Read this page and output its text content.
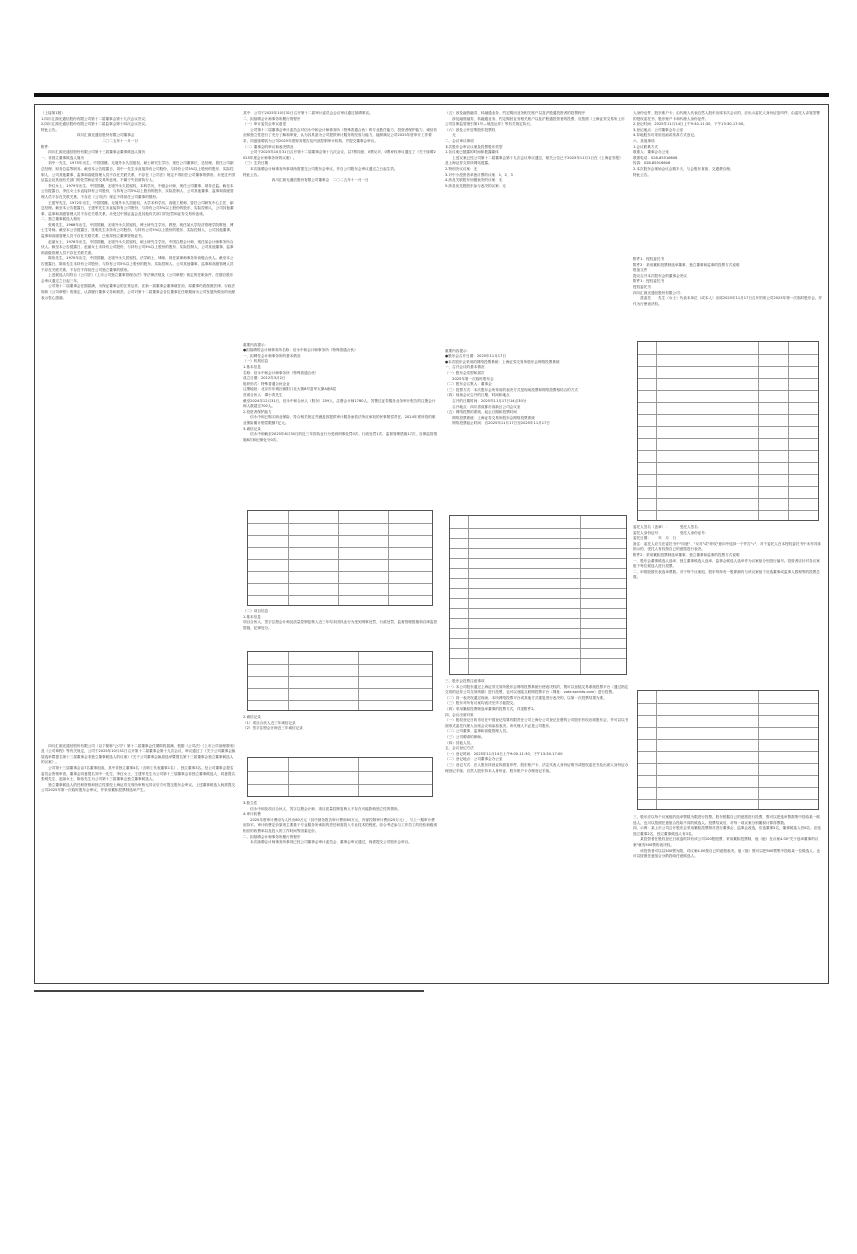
（上接第1版）
1.四川汇源光通信股份有限公司第十二届董事会第十九次会议决议；
2.四川汇源光通信股份有限公司第十二届监事会第十四次会议决议。
特此公告。
　　　　　　　　　　四川汇源光通信股份有限公司董事会
　　　　　　　　　　　　　　　　　二〇二五年十一月一日
附件：
　　四川汇源光通信股份有限公司第十三届董事会董事候选人简历
一、非独立董事候选人简历
　　刘中一先生，1975年出生，中国国籍，无境外永久居留权，硕士研究生学历，现任公司董事长、总经理，曾任公司副总经理、财务总监等职务。截至本公告披露日，刘中一先生未直接持有公司股份，与持有公司5%以上股份的股东、实际控制人、公司其他董事、监事和高级管理人员不存在关联关系，不存在《公司法》规定不得担任公司董事的情形，未受过中国证监会及其他有关部门的处罚和证券交易所惩戒，不属于失信被执行人。
　　李红女士，1979年出生，中国国籍，无境外永久居留权，本科学历，中级会计师，现任公司董事、财务总监。截至本公告披露日，李红女士未直接持有公司股份，与持有公司5%以上股份的股东、实际控制人、公司其他董事、监事和高级管理人员不存在关联关系，不存在《公司法》规定不得担任公司董事的情形。
　　王建军先生，1972年出生，中国国籍，无境外永久居留权，大学本科学历，高级工程师，曾任公司研发中心主任、副总经理。截至本公告披露日，王建军先生未直接持有公司股份，与持有公司5%以上股份的股东、实际控制人、公司其他董事、监事和高级管理人员不存在关联关系，未受过中国证监会及其他有关部门的处罚和证券交易所惩戒。
二、独立董事候选人简历
　　张明先生，1968年出生，中国国籍，无境外永久居留权，博士研究生学历，教授，现任某大学经济管理学院教授、博士生导师。截至本公告披露日，张明先生未持有公司股份，与持有公司5%以上股份的股东、实际控制人、公司其他董事、监事和高级管理人员不存在关联关系，已取得独立董事资格证书。
　　赵丽女士，1976年出生，中国国籍，无境外永久居留权，硕士研究生学历，中国注册会计师，现任某会计师事务所合伙人。截至本公告披露日，赵丽女士未持有公司股份，与持有公司5%以上股份的股东、实际控制人、公司其他董事、监事和高级管理人员不存在关联关系。
　　陈伟先生，1970年出生，中国国籍，无境外永久居留权，法学硕士，律师，现任某律师事务所高级合伙人。截至本公告披露日，陈伟先生未持有公司股份，与持有公司5%以上股份的股东、实际控制人、公司其他董事、监事和高级管理人员不存在关联关系，不存在不得担任公司独立董事的情形。
　　上述候选人均符合《公司法》《上市公司独立董事管理办法》等法律法规及《公司章程》规定的任职条件，任期自股东会审议通过之日起三年。
　　公司第十二届董事会任期届满，为保证董事会的正常运作，在新一届董事会董事就任前，原董事仍将按照法律、行政法规和《公司章程》的规定，认真履行董事义务和职责。公司对第十二届董事会各位董事在任职期间为公司发展所做出的贡献表示衷心感谢。

　　四川汇源光通信股份有限公司（以下简称"公司"）第十二届董事会任期即将届满，根据《公司法》《上市公司治理准则》及《公司章程》等有关规定，公司于2025年10月31日召开第十二届董事会第十九次会议，审议通过了《关于公司董事会换届选举暨提名第十三届董事会非独立董事候选人的议案》《关于公司董事会换届选举暨提名第十三届董事会独立董事候选人的议案》。
　　公司第十三届董事会由7名董事组成，其中非独立董事4名（含职工代表董事1名），独立董事3名。经公司董事会提名委员会资格审查，董事会同意提名刘中一先生、李红女士、王建军先生为公司第十三届董事会非独立董事候选人；同意提名张明先生、赵丽女士、陈伟先生为公司第十三届董事会独立董事候选人。
　　独立董事候选人的任职资格和独立性需经上海证券交易所审核无异议后方可提交股东会审议。上述董事候选人尚需提交公司2025年第一次临时股东会审议，并采用累积投票制选举产生。
其中：公司于2025年10月31日召开第十二届审计委员会会议审议通过续聘事宜。
二、拟续聘会计师事务所履行的程序
（一）审计委员会审议意见
　　公司第十二届董事会审计委员会对信永中和会计师事务所（特殊普通合伙）的专业胜任能力、投资者保护能力、诚信状况和独立性进行了充分了解和审查，认为其具备为公司提供审计服务的经验与能力，能够满足公司2025年度审计工作要求，同意续聘其为公司2025年度财务报告及内部控制审计机构，并提交董事会审议。
（二）董事会的审议和表决情况
　　公司于2025年10月31日召开第十二届董事会第十九次会议，以7票同意、0票反对、0票弃权审议通过了《关于续聘2025年度会计师事务所的议案》。
（三）生效日期
　　本次续聘会计师事务所事项尚需提交公司股东会审议，并自公司股东会审议通过之日起生效。
特此公告。
　　　　　　　　四川汇源光通信股份有限公司董事会　二〇二五年十一月一日

重要内容提示：
●拟续聘的会计师事务所名称：信永中和会计师事务所（特殊普通合伙）
一、拟聘任会计师事务所的基本情况
（一）机构信息
1.基本信息
名称：信永中和会计师事务所（特殊普通合伙）
成立日期：2012年3月2日
组织形式：特殊普通合伙企业
注册地址：北京市东城区朝阳门北大街8号富华大厦A座8层
首席合伙人：谭小青先生
截至2024年12月31日，信永中和合伙人（股东）259人，注册会计师1780人。签署过证券服务业务审计报告的注册会计师人数超过700人。
2.投资者保护能力
　　信永中和已购买职业保险，符合相关规定并涵盖因提供审计服务而依法所应承担的民事赔偿责任，2024年度所投的职业保险累计赔偿限额7亿元。
3.诚信记录
　　信永中和截至2025年6月30日的近三年因执业行为受到刑事处罚0次、行政处罚1次、监督管理措施17次、自律监管措施8次和纪律处分0次。
（二）项目信息
1.基本信息
项目合伙人、签字注册会计师及质量控制复核人近三年均未因执业行为受到刑事处罚、行政处罚、监督管理措施和自律监管措施、纪律处分。
2.诚信记录
（1）项目合伙人近三年诚信记录
（2）签字注册会计师近三年诚信记录
3.独立性
　　信永中和及项目合伙人、签字注册会计师、项目质量控制复核人不存在可能影响独立性的情形。
4.审计收费
　　2025年度审计费用为人民币80万元（其中财务报告审计费用60万元，内部控制审计费用20万元），与上一期审计费用持平。审计收费定价原则主要基于专业服务所承担的责任和需投入专业技术的程度，综合考虑参与工作员工的经验和级别相应的收费率以及投入的工作时间等因素定价。
二、拟续聘会计师事务所履行的程序
　　本次续聘会计师事务所事项已经公司董事会审计委员会、董事会审议通过，尚需提交公司股东会审议。
（五）涉及融资融券、转融通业务、约定购回业务相关账户以及沪股通投资者的投票程序
　　涉及融资融券、转融通业务、约定购回业务相关账户以及沪股通投资者的投票，应按照《上海证券交易所上市公司自律监管指引第1号—规范运作》等有关规定执行。
（六）涉及公开征集股东投票权
　　无
二、会议审议事项
本次股东会审议议案及投票股东类型
1.各议案已披露的时间和披露媒体
　　上述议案已经公司第十二届董事会第十九次会议审议通过，相关公告已于2025年11月1日在《上海证券报》及上海证券交易所网站披露。
2.特别决议议案：无
3.对中小投资者单独计票的议案：1、2、3
4.涉及关联股东回避表决的议案：无
5.涉及优先股股东参与表决的议案：无

重要内容提示：
●股东会召开日期：2025年11月17日
●本次股东会采用的网络投票系统：上海证券交易所股东会网络投票系统
一、召开会议的基本情况
（一）股东会类型和届次
　　2025年第一次临时股东会
（二）股东会召集人：董事会
（三）投票方式：本次股东会所采用的表决方式是现场投票和网络投票相结合的方式
（四）现场会议召开的日期、时间和地点
　　召开的日期时间：2025年11月17日14点30分
　　召开地点：四川省成都市高新区公司会议室
（五）网络投票的系统、起止日期和投票时间
　　网络投票系统：上海证券交易所股东会网络投票系统
　　网络投票起止时间：自2025年11月17日至2025年11月17日
三、股东会投票注意事项
（一）本公司股东通过上海证券交易所股东会网络投票系统行使表决权的，既可以登陆交易系统投票平台（通过指定交易的证券公司交易终端）进行投票，也可以登陆互联网投票平台（网址：vote.sseinfo.com）进行投票。
（二）同一表决权通过现场、本所网络投票平台或其他方式重复进行表决的，以第一次投票结果为准。
（三）股东对所有议案均表决完毕才能提交。
（四）采用累积投票制选举董事的投票方式，详见附件2。
四、会议出席对象
（一）股权登记日收市后在中国登记结算有限责任公司上海分公司登记在册的公司股东有权出席股东会，并可以以书面形式委托代理人出席会议和参加表决。该代理人不必是公司股东。
（二）公司董事、监事和高级管理人员。
（三）公司聘请的律师。
（四）其他人员。
五、会议登记方法
（一）登记时间：2025年11月14日上午9:00-11:30，下午13:30-17:00
（二）登记地点：公司董事会办公室
（三）登记方式：法人股东持营业执照复印件、股东账户卡、法定代表人身份证明书或授权委托书及出席人身份证办理登记手续；自然人股东持本人身份证、股东账户卡办理登记手续。
人身份证件、股东账户卡；由代理人代表自然人股东出席本次会议的，应出示委托人身份证复印件、由委托人亲笔签署的授权委托书、股东账户卡和代理人身份证件。
2.登记时间：2025年11月14日上午9:30-11:30，下午13:30-17:00。
3.登记地点：公司董事会办公室
4.异地股东可采用信函或传真方式登记。
六、其他事项
1.会议联系方式
联系人：董事会办公室
联系电话：028-85516606
传真：028-85516606
2.本次股东会现场会议会期半天，与会股东食宿、交通费自理。
特此公告。
附件1：授权委托书
附件2：采用累积投票制选举董事、独立董事和监事的投票方式说明
报备文件
提议召开本次股东会的董事会决议
附件1：授权委托书
授权委托书
四川汇源光通信股份有限公司：
　　兹委托　　先生（女士）代表本单位（或本人）出席2025年11月17日召开的贵公司2025年第一次临时股东会，并代为行使表决权。
委托人签名（盖章）：　　　受托人签名：
委托人身份证号：　　　　　受托人身份证号：
委托日期：　　年　月　日
备注：委托人应当在委托书中"同意"、"反对"或"弃权"意向中选择一个并打"√"，对于委托人在本授权委托书中未作具体指示的，受托人有权按自己的意愿进行表决。
附件2：采用累积投票制选举董事、独立董事和监事的投票方式说明
一、股东会董事候选人选举、独立董事候选人选举、监事会候选人选举作为议案组分别进行编号。投资者应针对各议案组下每位候选人进行投票。
二、申报股数代表选举票数。对于每个议案组，股东每持有一股即拥有与该议案组下应选董事或监事人数相等的投票总数。
三、股东应以每个议案组的选举票数为限进行投票。股东根据自己的意愿进行投票，既可以把选举票数集中投给某一候选人，也可以按照任意组合投给不同的候选人。投票结束后，对每一项议案分别累积计算得票数。
四、示例：某上市公司召开股东会采用累积投票制对进行董事会、监事会改选，应选董事5名，董事候选人有6名；应选独立董事2名，独立董事候选人有3名。
　　某投资者在股权登记日收盘时持有该公司100股股票，采用累积投票制，他（她）在议案4.00"关于选举董事的议案"就有500票的表决权。
　　该投资者可以以500票为限，对议案4.00按自己的意愿表决。他（她）既可以把500票集中投给某一位候选人，也可以按照任意组合分散投给任意候选人。
